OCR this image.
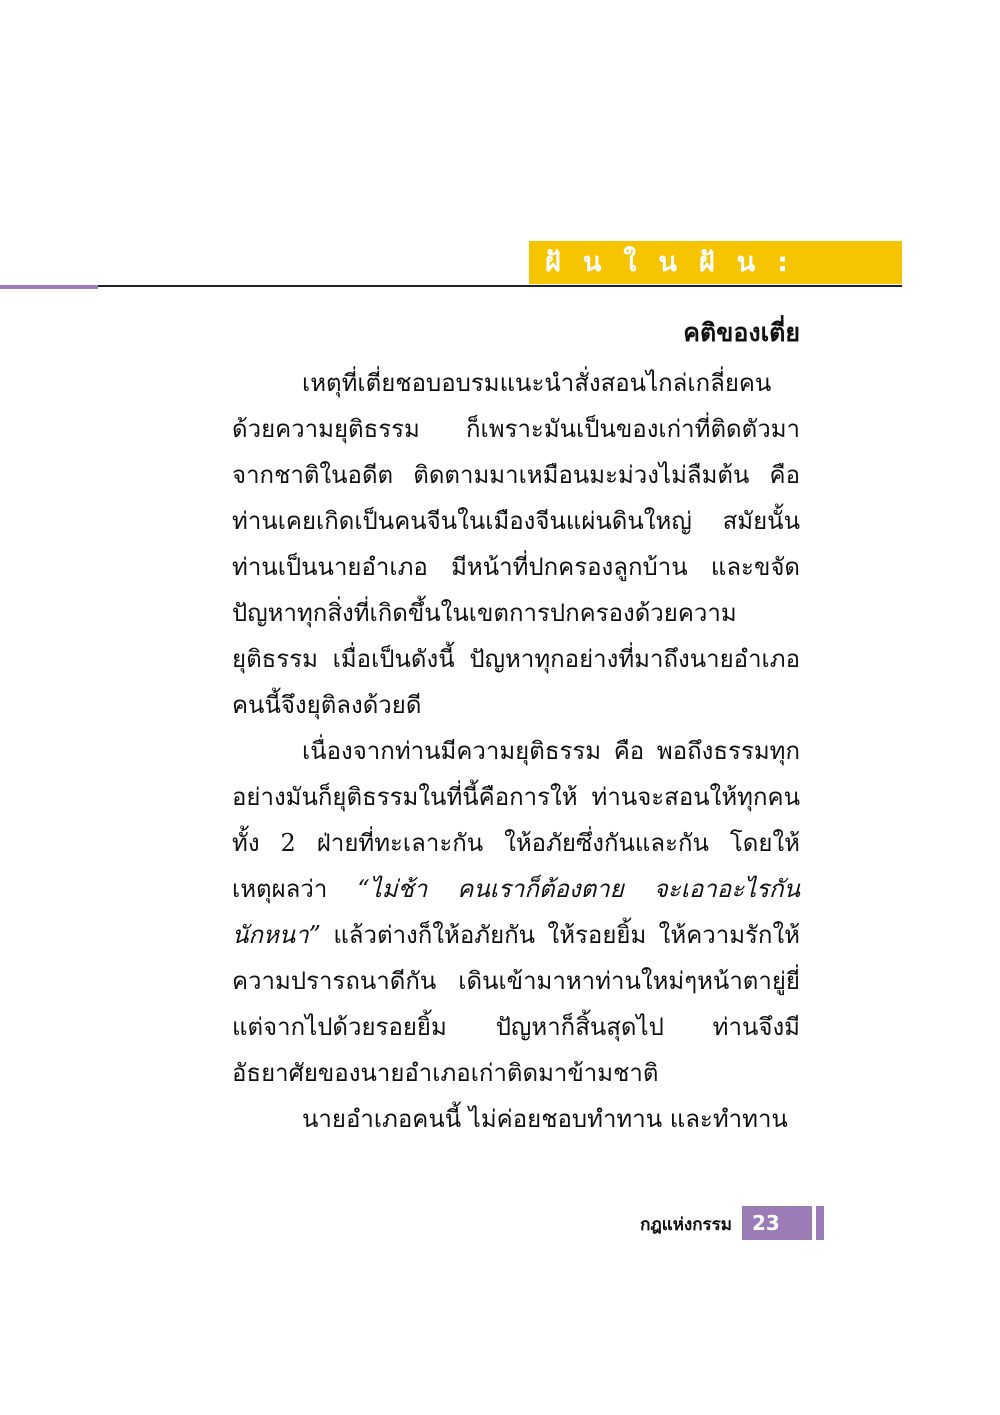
ฝันในฝัน:
คติของเตี่ย

เหตุที่เตี่ยชอบอบรมแนะนำสั่งสอนไกล่เกลี่ยคนด้วยความยุติธรรม ก็เพราะมันเป็นของเก่าที่ติดตัวมาจากชาติในอดีต ติดตามมาเหมือนมะม่วงไม่ลืมต้น คือท่านเคยเกิดเป็นคนจีนในเมืองจีนแผ่นดินใหญ่ สมัยนั้นท่านเป็นนายอำเภอ มีหน้าที่ปกครองลูกบ้าน และขจัดปัญหาทุกสิ่งที่เกิดขึ้นในเขตการปกครองด้วยความยุติธรรม เมื่อเป็นดังนี้ ปัญหาทุกอย่างที่มาถึงนายอำเภอคนนี้จึงยุติลงด้วยดี

เนื่องจากท่านมีความยุติธรรม คือ พอถึงธรรมทุกอย่างมันก็ยุติธรรมในที่นี้คือการให้ ท่านจะสอนให้ทุกคนทั้ง 2 ฝ่ายที่ทะเลาะกัน ให้อภัยซึ่งกันและกัน โดยให้เหตุผลว่า “ไม่ช้า คนเราก็ต้องตาย จะเอาอะไรกันนักหนา” แล้วต่างก็ให้อภัยกัน ให้รอยยิ้ม ให้ความรักให้ความปรารถนาดีกัน เดินเข้ามาหาท่านใหม่ๆหน้าตายู่ยี่ แต่จากไปด้วยรอยยิ้ม ปัญหาก็สิ้นสุดไป ท่านจึงมีอัธยาศัยของนายอำเภอเก่าติดมาข้ามชาติ

นายอำเภอคนนี้ ไม่ค่อยชอบทำทาน และทำทาน

กฎแห่งกรรม	23
